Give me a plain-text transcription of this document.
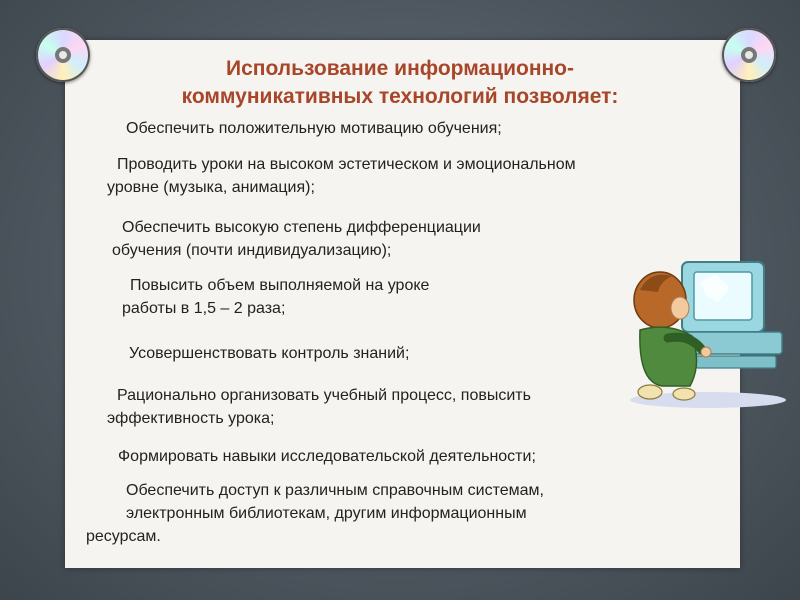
Использование информационно-
коммуникативных технологий позволяет:
Обеспечить положительную мотивацию обучения;
Проводить уроки на высоком эстетическом и эмоциональном
уровне (музыка, анимация);
Обеспечить высокую степень дифференциации
обучения (почти индивидуализацию);
Повысить объем выполняемой на уроке
работы в 1,5 – 2 раза;
Усовершенствовать контроль знаний;
Рационально организовать учебный процесс, повысить
эффективность урока;
Формировать навыки исследовательской деятельности;
Обеспечить доступ к различным справочным системам,
электронным библиотекам, другим информационным
ресурсам.
